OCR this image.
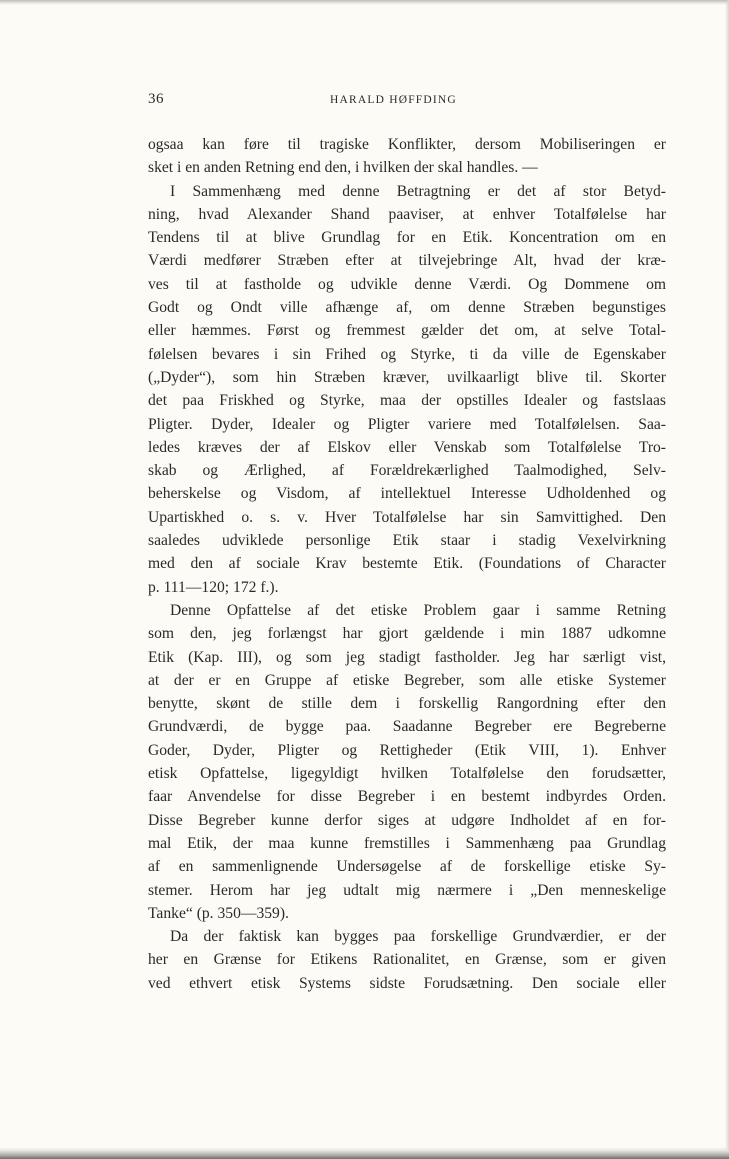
36	HARALD HØFFDING
ogsaa kan føre til tragiske Konflikter, dersom Mobiliseringen er
sket i en anden Retning end den, i hvilken der skal handles. —
I Sammenhæng med denne Betragtning er det af stor Betyd-
ning, hvad Alexander Shand paaviser, at enhver Totalfølelse har
Tendens til at blive Grundlag for en Etik. Koncentration om en
Værdi medfører Stræben efter at tilvejebringe Alt, hvad der kræ-
ves til at fastholde og udvikle denne Værdi. Og Dommene om
Godt og Ondt ville afhænge af, om denne Stræben begunstiges
eller hæmmes. Først og fremmest gælder det om, at selve Total-
følelsen bevares i sin Frihed og Styrke, ti da ville de Egenskaber
(„Dyder“), som hin Stræben kræver, uvilkaarligt blive til. Skorter
det paa Friskhed og Styrke, maa der opstilles Idealer og fastslaas
Pligter. Dyder, Idealer og Pligter variere med Totalfølelsen. Saa-
ledes kræves der af Elskov eller Venskab som Totalfølelse Tro-
skab og Ærlighed, af Forældrekærlighed Taalmodighed, Selv-
beherskelse og Visdom, af intellektuel Interesse Udholdenhed og
Upartiskhed o. s. v. Hver Totalfølelse har sin Samvittighed. Den
saaledes udviklede personlige Etik staar i stadig Vexelvirkning
med den af sociale Krav bestemte Etik. (Foundations of Character
p. 111—120; 172 f.).
Denne Opfattelse af det etiske Problem gaar i samme Retning
som den, jeg forlængst har gjort gældende i min 1887 udkomne
Etik (Kap. III), og som jeg stadigt fastholder. Jeg har særligt vist,
at der er en Gruppe af etiske Begreber, som alle etiske Systemer
benytte, skønt de stille dem i forskellig Rangordning efter den
Grundværdi, de bygge paa. Saadanne Begreber ere Begreberne
Goder, Dyder, Pligter og Rettigheder (Etik VIII, 1). Enhver
etisk Opfattelse, ligegyldigt hvilken Totalfølelse den forudsætter,
faar Anvendelse for disse Begreber i en bestemt indbyrdes Orden.
Disse Begreber kunne derfor siges at udgøre Indholdet af en for-
mal Etik, der maa kunne fremstilles i Sammenhæng paa Grundlag
af en sammenlignende Undersøgelse af de forskellige etiske Sy-
stemer. Herom har jeg udtalt mig nærmere i „Den menneskelige
Tanke“ (p. 350—359).
Da der faktisk kan bygges paa forskellige Grundværdier, er der
her en Grænse for Etikens Rationalitet, en Grænse, som er given
ved ethvert etisk Systems sidste Forudsætning. Den sociale eller
